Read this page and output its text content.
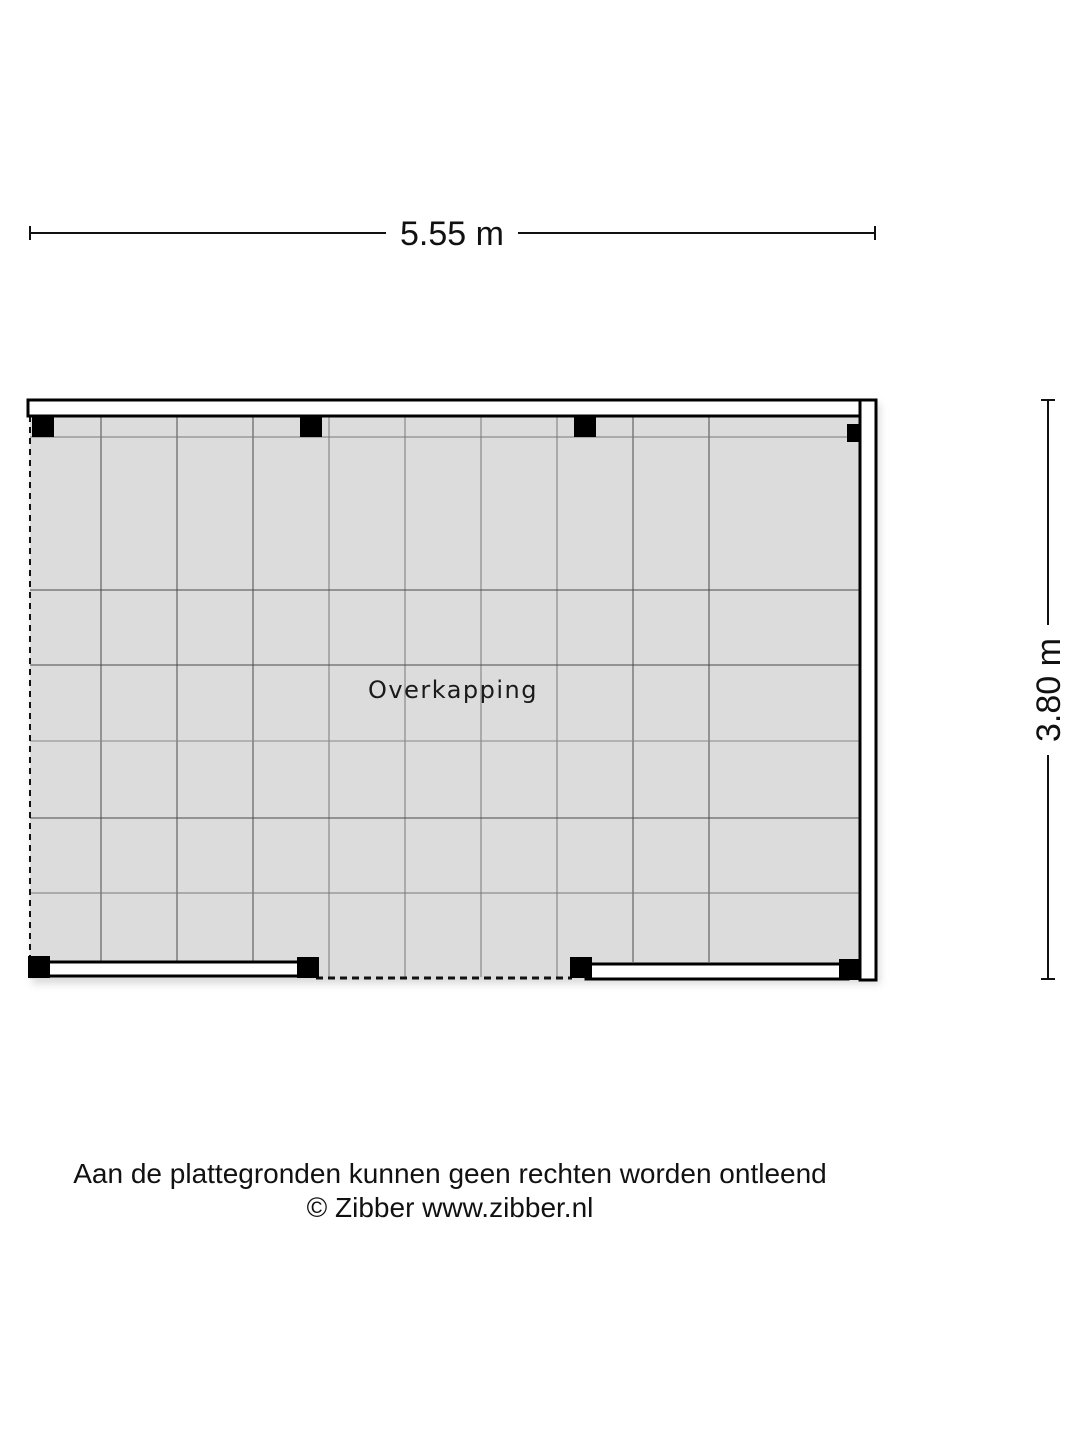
5.55 m
3.80 m
Overkapping
Aan de plattegronden kunnen geen rechten worden ontleend
© Zibber www.zibber.nl
